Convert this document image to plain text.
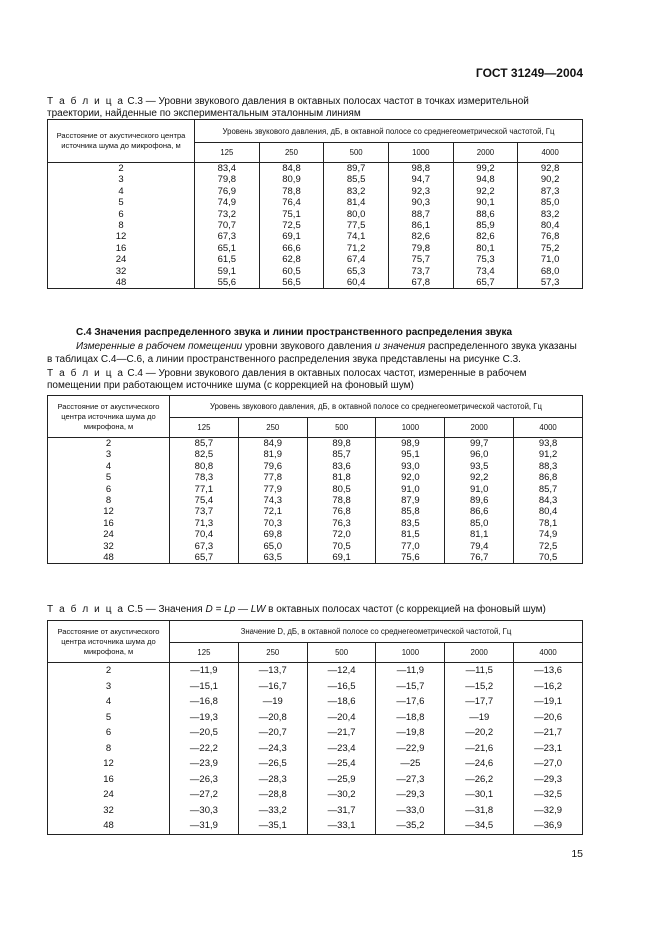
ГОСТ 31249—2004
Т а б л и ц а С.3 — Уровни звукового давления в октавных полосах частот в точках измерительной траектории, найденные по экспериментальным эталонным линиям
Расстояние от акустического центра источника шума до микрофона, м	Уровень звукового давления, дБ, в октавной полосе со среднегеометрической частотой, Гц					
	125	250	500	1000	2000	4000
2	83,4	84,8	89,7	98,8	99,2	92,8
3	79,8	80,9	85,5	94,7	94,8	90,2
4	76,9	78,8	83,2	92,3	92,2	87,3
5	74,9	76,4	81,4	90,3	90,1	85,0
6	73,2	75,1	80,0	88,7	88,6	83,2
8	70,7	72,5	77,5	86,1	85,9	80,4
12	67,3	69,1	74,1	82,6	82,6	76,8
16	65,1	66,6	71,2	79,8	80,1	75,2
24	61,5	62,8	67,4	75,7	75,3	71,0
32	59,1	60,5	65,3	73,7	73,4	68,0
48	55,6	56,5	60,4	67,8	65,7	57,3
С.4 Значения распределенного звука и линии пространственного распределения звука
Измеренные в рабочем помещении уровни звукового давления и значения распределенного звука указаны в таблицах С.4—С.6, а линии пространственного распределения звука представлены на рисунке С.3.
Т а б л и ц а С.4 — Уровни звукового давления в октавных полосах частот, измеренные в рабочем помещении при работающем источнике шума (с коррекцией на фоновый шум)
Расстояние от акустического центра источника шума до микрофона, м	Уровень звукового давления, дБ, в октавной полосе со среднегеометрической частотой, Гц					
	125	250	500	1000	2000	4000
2	85,7	84,9	89,8	98,9	99,7	93,8
3	82,5	81,9	85,7	95,1	96,0	91,2
4	80,8	79,6	83,6	93,0	93,5	88,3
5	78,3	77,8	81,8	92,0	92,2	86,8
6	77,1	77,9	80,5	91,0	91,0	85,7
8	75,4	74,3	78,8	87,9	89,6	84,3
12	73,7	72,1	76,8	85,8	86,6	80,4
16	71,3	70,3	76,3	83,5	85,0	78,1
24	70,4	69,8	72,0	81,5	81,1	74,9
32	67,3	65,0	70,5	77,0	79,4	72,5
48	65,7	63,5	69,1	75,6	76,7	70,5
Т а б л и ц а С.5 — Значения D = Lp — LW в октавных полосах частот (с коррекцией на фоновый шум)
Расстояние от акустического центра источника шума до микрофона, м	Значение D, дБ, в октавной полосе со среднегеометрической частотой, Гц					
	125	250	500	1000	2000	4000
2	—11,9	—13,7	—12,4	—11,9	—11,5	—13,6
3	—15,1	—16,7	—16,5	—15,7	—15,2	—16,2
4	—16,8	—19	—18,6	—17,6	—17,7	—19,1
5	—19,3	—20,8	—20,4	—18,8	—19	—20,6
6	—20,5	—20,7	—21,7	—19,8	—20,2	—21,7
8	—22,2	—24,3	—23,4	—22,9	—21,6	—23,1
12	—23,9	—26,5	—25,4	—25	—24,6	—27,0
16	—26,3	—28,3	—25,9	—27,3	—26,2	—29,3
24	—27,2	—28,8	—30,2	—29,3	—30,1	—32,5
32	—30,3	—33,2	—31,7	—33,0	—31,8	—32,9
48	—31,9	—35,1	—33,1	—35,2	—34,5	—36,9
15
